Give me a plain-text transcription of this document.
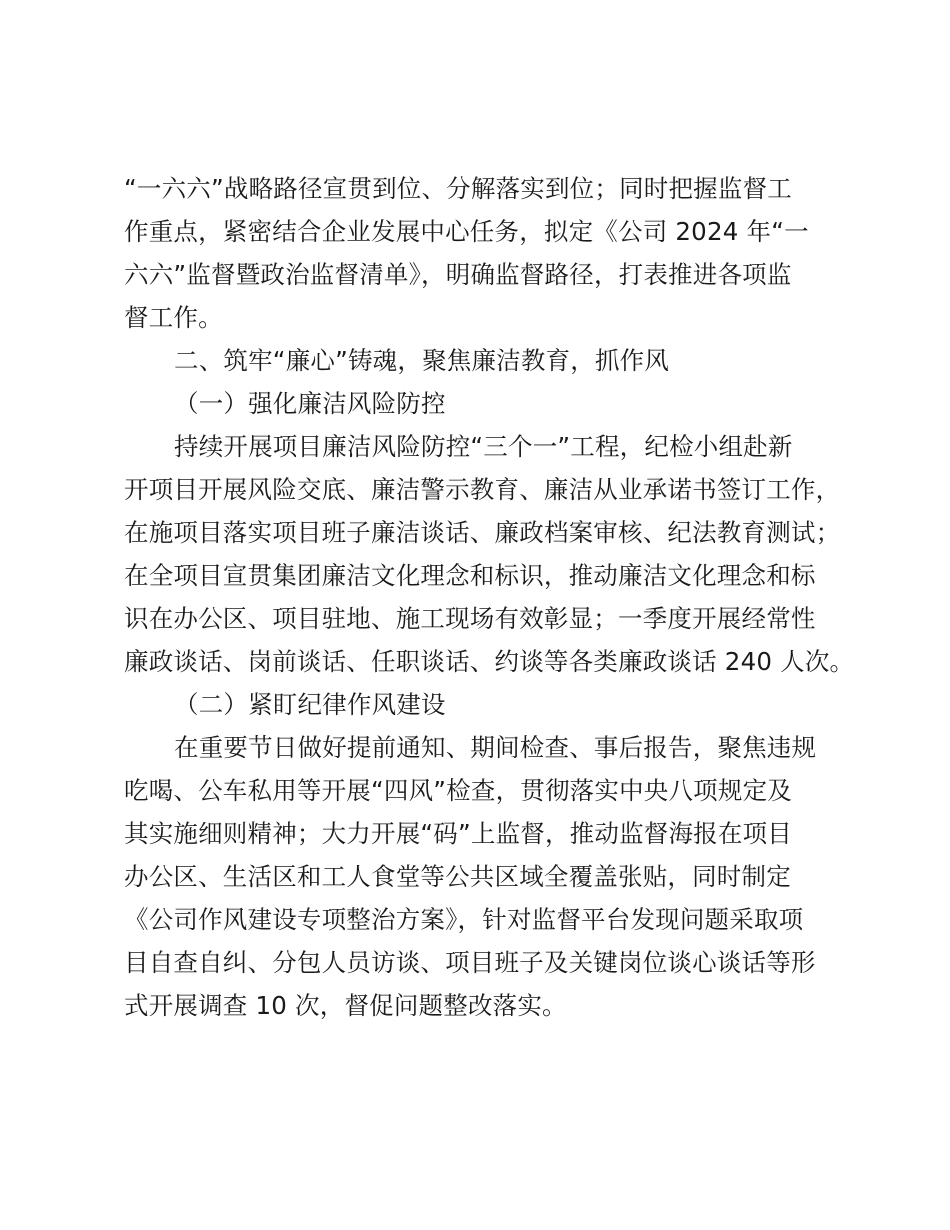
“一六六”战略路径宣贯到位、分解落实到位；同时把握监督工
作重点，紧密结合企业发展中心任务，拟定《公司 2024 年“一
六六”监督暨政治监督清单》，明确监督路径，打表推进各项监
督工作。
二、筑牢“廉心”铸魂，聚焦廉洁教育，抓作风
（一）强化廉洁风险防控
持续开展项目廉洁风险防控“三个一”工程，纪检小组赴新
开项目开展风险交底、廉洁警示教育、廉洁从业承诺书签订工作，
在施项目落实项目班子廉洁谈话、廉政档案审核、纪法教育测试；
在全项目宣贯集团廉洁文化理念和标识，推动廉洁文化理念和标
识在办公区、项目驻地、施工现场有效彰显；一季度开展经常性
廉政谈话、岗前谈话、任职谈话、约谈等各类廉政谈话 240 人次。
（二）紧盯纪律作风建设
在重要节日做好提前通知、期间检查、事后报告，聚焦违规
吃喝、公车私用等开展“四风”检查，贯彻落实中央八项规定及
其实施细则精神；大力开展“码”上监督，推动监督海报在项目
办公区、生活区和工人食堂等公共区域全覆盖张贴，同时制定
《公司作风建设专项整治方案》，针对监督平台发现问题采取项
目自查自纠、分包人员访谈、项目班子及关键岗位谈心谈话等形
式开展调查 10 次，督促问题整改落实。
